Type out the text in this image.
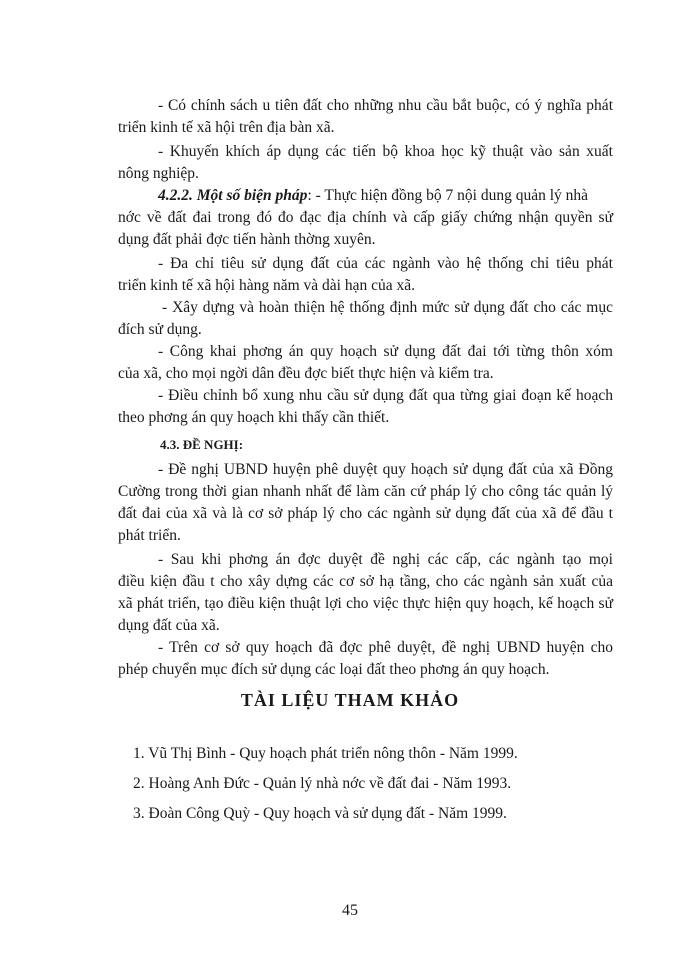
- Có chính sách u tiên đất cho những nhu cầu bắt buộc, có ý nghĩa phát
triển kinh tế xã hội trên địa bàn xã.
- Khuyến khích áp dụng các tiến bộ khoa học kỹ thuật vào sản xuất
nông nghiệp.
4.2.2. Một số biện pháp: - Thực hiện đồng bộ 7 nội dung quản lý nhà
nớc về đất đai trong đó đo đạc địa chính và cấp giấy chứng nhận quyền sử
dụng đất phải đợc tiến hành thờng xuyên.
- Đa chỉ tiêu sử dụng đất của các ngành vào hệ thống chỉ tiêu phát
triển kinh tế xã hội hàng năm và dài hạn của xã.
- Xây dựng và hoàn thiện hệ thống định mức sử dụng đất cho các mục
đích sử dụng.
- Công khai phơng án quy hoạch sử dụng đất đai tới từng thôn xóm
của xã, cho mọi ngời dân đều đợc biết thực hiện và kiểm tra.
- Điều chỉnh bổ xung nhu cầu sử dụng đất qua từng giai đoạn kế hoạch
theo phơng án quy hoạch khi thấy cần thiết.
4.3. ĐỀ NGHỊ:
- Đề nghị UBND huyện phê duyệt quy hoạch sử dụng đất của xã Đồng
Cường trong thời gian nhanh nhất để làm căn cứ pháp lý cho công tác quản lý
đất đai của xã và là cơ sở pháp lý cho các ngành sử dụng đất của xã để đầu t
phát triển.
- Sau khi phơng án đợc duyệt đề nghị các cấp, các ngành tạo mọi
điều kiện đầu t cho xây dựng các cơ sở hạ tầng, cho các ngành sản xuất của
xã phát triển, tạo điều kiện thuật lợi cho việc thực hiện quy hoạch, kế hoạch sử
dụng đất của xã.
- Trên cơ sở quy hoạch đã đợc phê duyệt, đề nghị UBND huyện cho
phép chuyển mục đích sử dụng các loại đất theo phơng án quy hoạch.
TÀI LIỆU THAM KHẢO
1. Vũ Thị Bình - Quy hoạch phát triển nông thôn - Năm 1999.
2. Hoàng Anh Đức - Quản lý nhà nớc về đất đai - Năm 1993.
3. Đoàn Công Quỳ - Quy hoạch và sử dụng đất - Năm 1999.
45
